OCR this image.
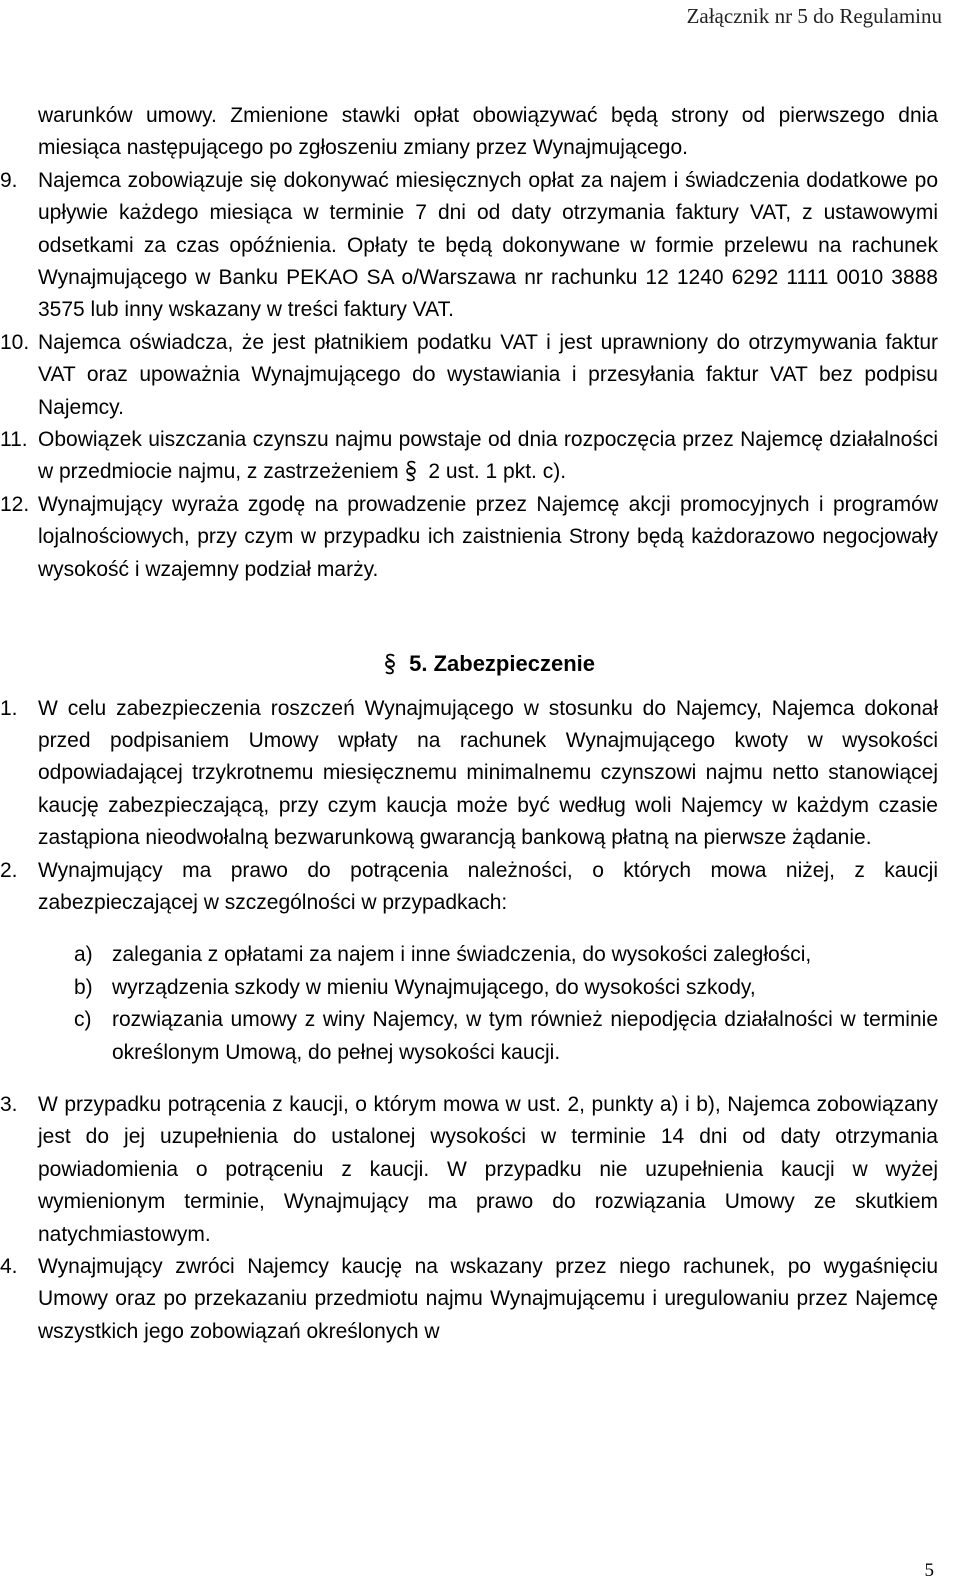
Załącznik nr 5 do Regulaminu

warunków umowy. Zmienione stawki opłat obowiązywać będą strony od pierwszego dnia miesiąca następującego po zgłoszeniu zmiany przez Wynajmującego.

9. Najemca zobowiązuje się dokonywać miesięcznych opłat za najem i świadczenia dodatkowe po upływie każdego miesiąca w terminie 7 dni od daty otrzymania faktury VAT, z ustawowymi odsetkami za czas opóźnienia. Opłaty te będą dokonywane w formie przelewu na rachunek Wynajmującego w Banku PEKAO SA o/Warszawa nr rachunku 12 1240 6292 1111 0010 3888 3575 lub inny wskazany w treści faktury VAT.
10. Najemca oświadcza, że jest płatnikiem podatku VAT i jest uprawniony do otrzymywania faktur VAT oraz upoważnia Wynajmującego do wystawiania i przesyłania faktur VAT bez podpisu Najemcy.
11. Obowiązek uiszczania czynszu najmu powstaje od dnia rozpoczęcia przez Najemcę działalności w przedmiocie najmu, z zastrzeżeniem 2 ust. 1 pkt. c).
12. Wynajmujący wyraża zgodę na prowadzenie przez Najemcę akcji promocyjnych i programów lojalnościowych, przy czym w przypadku ich zaistnienia Strony będą każdorazowo negocjowały wysokość i wzajemny podział marży.
5. Zabezpieczenie
1. W celu zabezpieczenia roszczeń Wynajmującego w stosunku do Najemcy, Najemca dokonał przed podpisaniem Umowy wpłaty na rachunek Wynajmującego kwoty w wysokości odpowiadającej trzykrotnemu miesięcznemu minimalnemu czynszowi najmu netto stanowiącej kaucję zabezpieczającą, przy czym kaucja może być według woli Najemcy w każdym czasie zastąpiona nieodwołalną bezwarunkową gwarancją bankową płatną na pierwsze żądanie.
2. Wynajmujący ma prawo do potrącenia należności, o których mowa niżej, z kaucji zabezpieczającej w szczególności w przypadkach:
a) zalegania z opłatami za najem i inne świadczenia, do wysokości zaległości,
b) wyrządzenia szkody w mieniu Wynajmującego, do wysokości szkody,
c) rozwiązania umowy z winy Najemcy, w tym również niepodjęcia działalności w terminie określonym Umową, do pełnej wysokości kaucji.
3. W przypadku potrącenia z kaucji, o którym mowa w ust. 2, punkty a) i b), Najemca zobowiązany jest do jej uzupełnienia do ustalonej wysokości w terminie 14 dni od daty otrzymania powiadomienia o potrąceniu z kaucji. W przypadku nie uzupełnienia kaucji w wyżej wymienionym terminie, Wynajmujący ma prawo do rozwiązania Umowy ze skutkiem natychmiastowym.
4. Wynajmujący zwróci Najemcy kaucję na wskazany przez niego rachunek, po wygaśnięciu Umowy oraz po przekazaniu przedmiotu najmu Wynajmującemu i uregulowaniu przez Najemcę wszystkich jego zobowiązań określonych w
5
